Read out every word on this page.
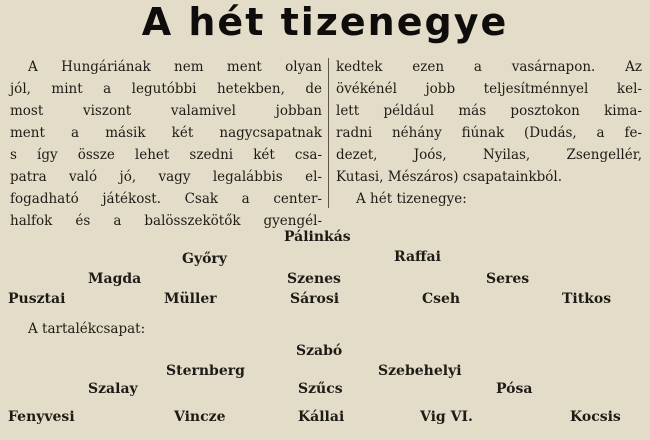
A hét tizenegye
A Hungáriának nem ment olyan
jól, mint a legutóbbi hetekben, de
most viszont valamivel jobban
ment a másik két nagycsapatnak
s így össze lehet szedni két csa-
patra való jó, vagy legalábbis el-
fogadható játékost. Csak a center-
halfok és a balösszekötők gyengél-
kedtek ezen a vasárnapon. Az
övékénél jobb teljesítménnyel kel-
lett például más posztokon kima-
radni néhány fiúnak (Dudás, a fe-
dezet, Joós, Nyilas, Zsengellér,
Kutasi, Mészáros) csapatainkból.
A hét tizenegye:
Pálinkás
Győry	Raffai
Magda	Szenes	Seres
Pusztai	Müller	Sárosi	Cseh	Titkos
A tartalékcsapat:
Szabó
Sternberg	Szebehelyi
Szalay	Szűcs	Pósa
Fenyvesi	Vincze	Kállai	Vig VI.	Kocsis
